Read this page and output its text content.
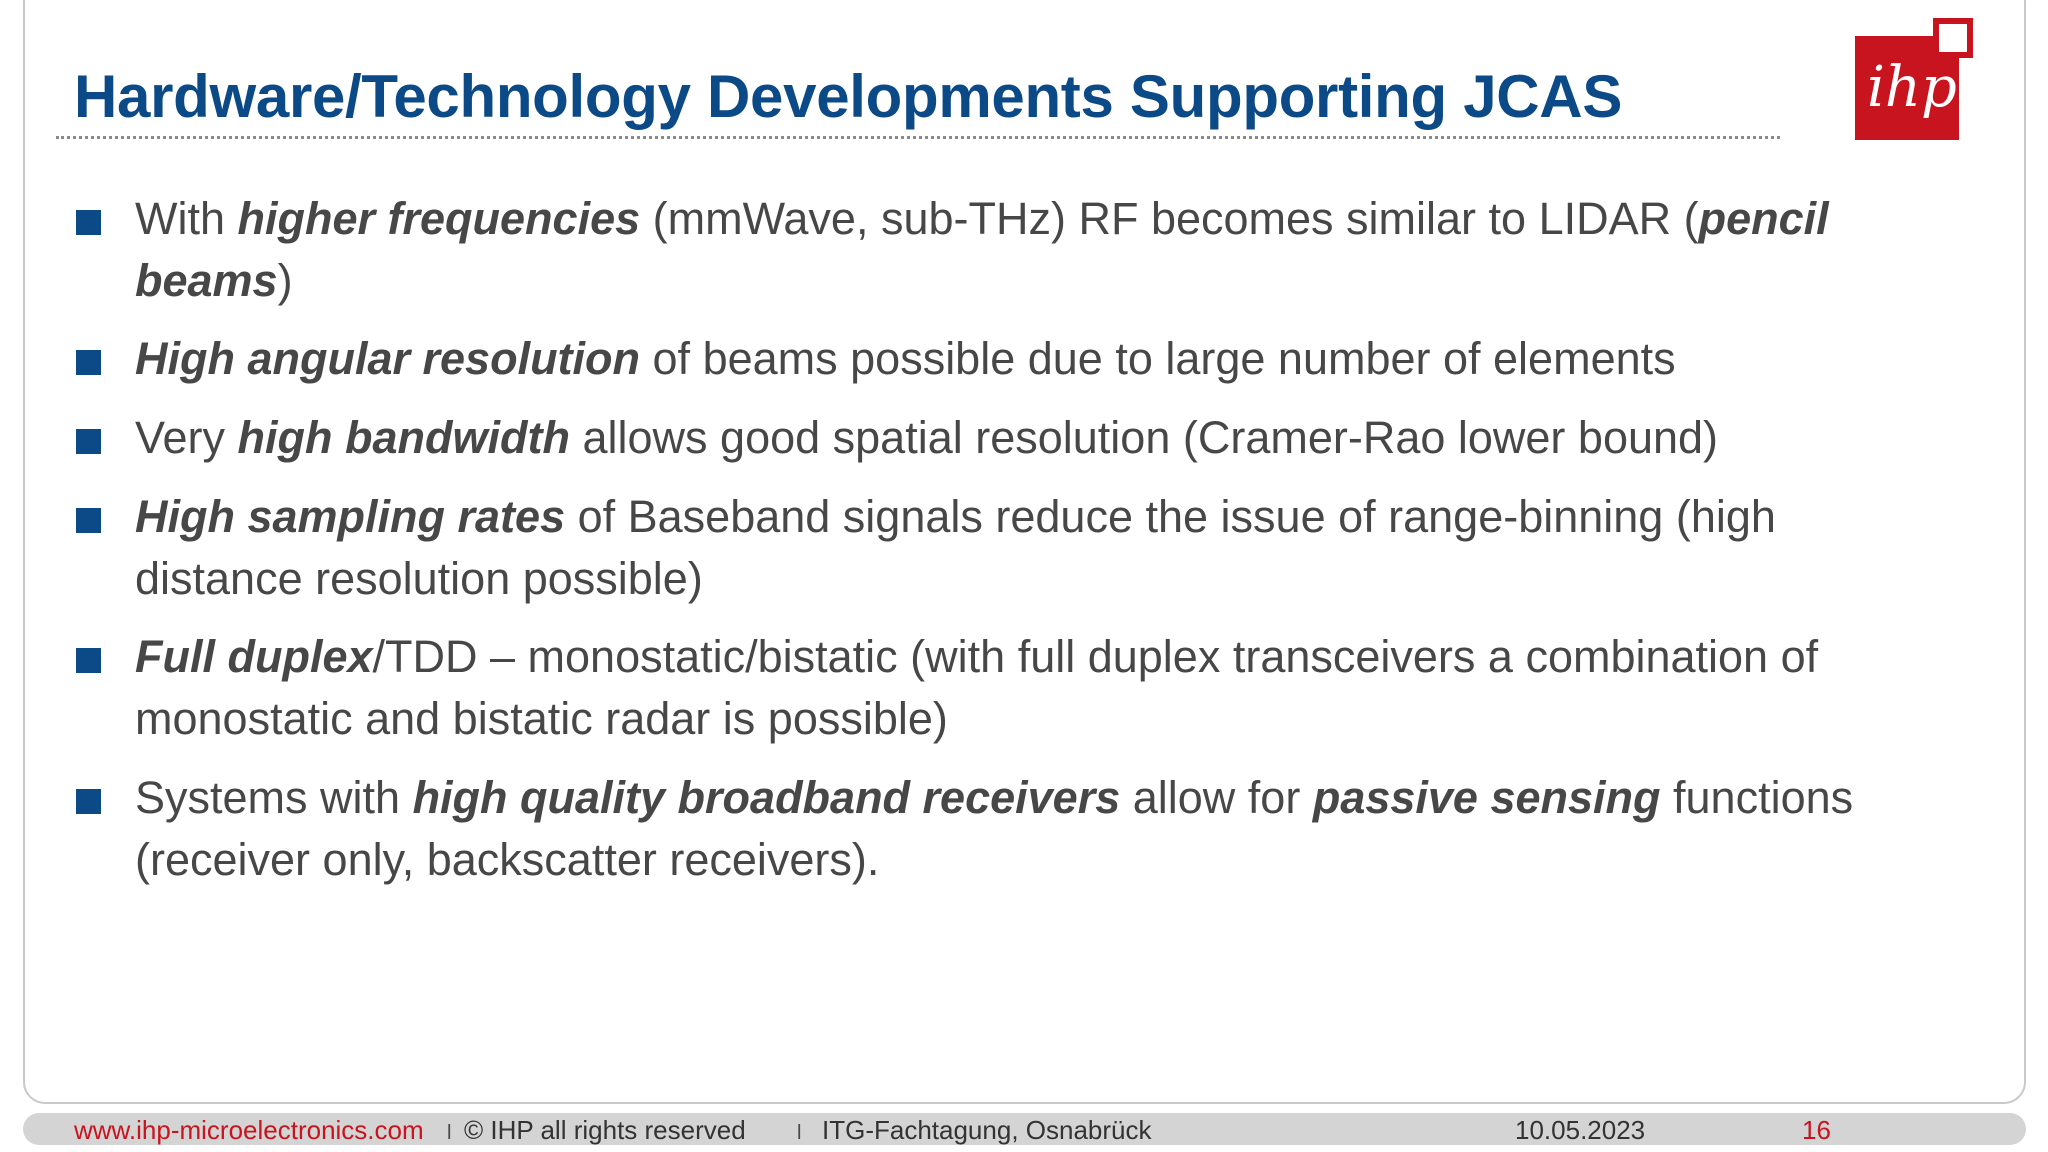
Hardware/Technology Developments Supporting JCAS	ihp
With higher frequencies (mmWave, sub-THz) RF becomes similar to LIDAR (pencil
beams)
High angular resolution of beams possible due to large number of elements
Very high bandwidth allows good spatial resolution (Cramer-Rao lower bound)
High sampling rates of Baseband signals reduce the issue of range-binning (high
distance resolution possible)
Full duplex/TDD – monostatic/bistatic (with full duplex transceivers a combination of
monostatic and bistatic radar is possible)
Systems with high quality broadband receivers allow for passive sensing functions
(receiver only, backscatter receivers).
www.ihp-microelectronics.com l © IHP all rights reserved	l ITG-Fachtagung, Osnabrück	10.05.2023	16
